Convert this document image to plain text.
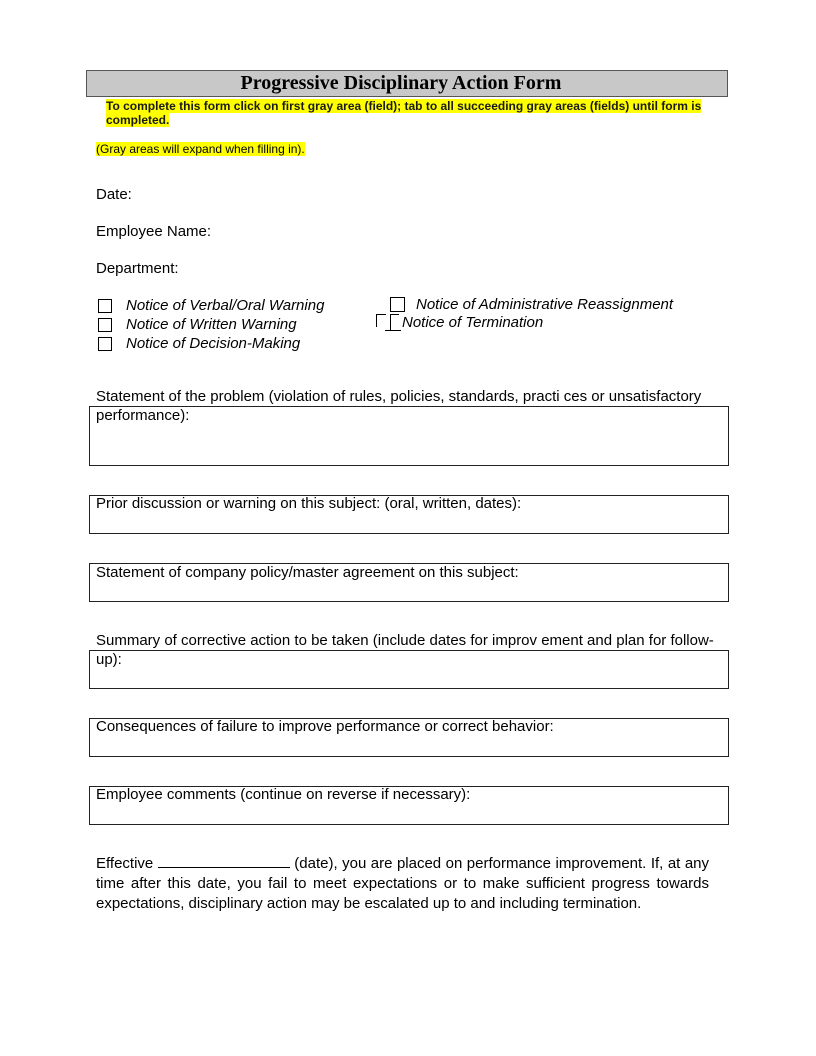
Progressive Disciplinary Action Form
To complete this form click on first gray area (field); tab to all succeeding gray areas (fields) until form is completed.
(Gray areas will expand when filling in).
Date:
Employee Name:
Department:
Notice of Verbal/Oral Warning
Notice of Written Warning
Notice of Decision-Making
Notice of Administrative Reassignment
Notice of Termination
Statement of the problem (violation of rules, policies, standards, practi ces or unsatisfactory performance):
Prior discussion or warning on this subject: (oral, written, dates):
Statement of company policy/master agreement on this subject:
Summary of corrective action to be taken (include dates for improv ement and plan for follow-up):
Consequences of failure to improve performance or correct behavior:
Employee comments (continue on reverse if necessary):
Effective	(date), you are placed on performance improvement. If, at any time after this date, you fail to meet expectations or to make sufficient progress towards expectations, disciplinary action may be escalated up to and including termination.
